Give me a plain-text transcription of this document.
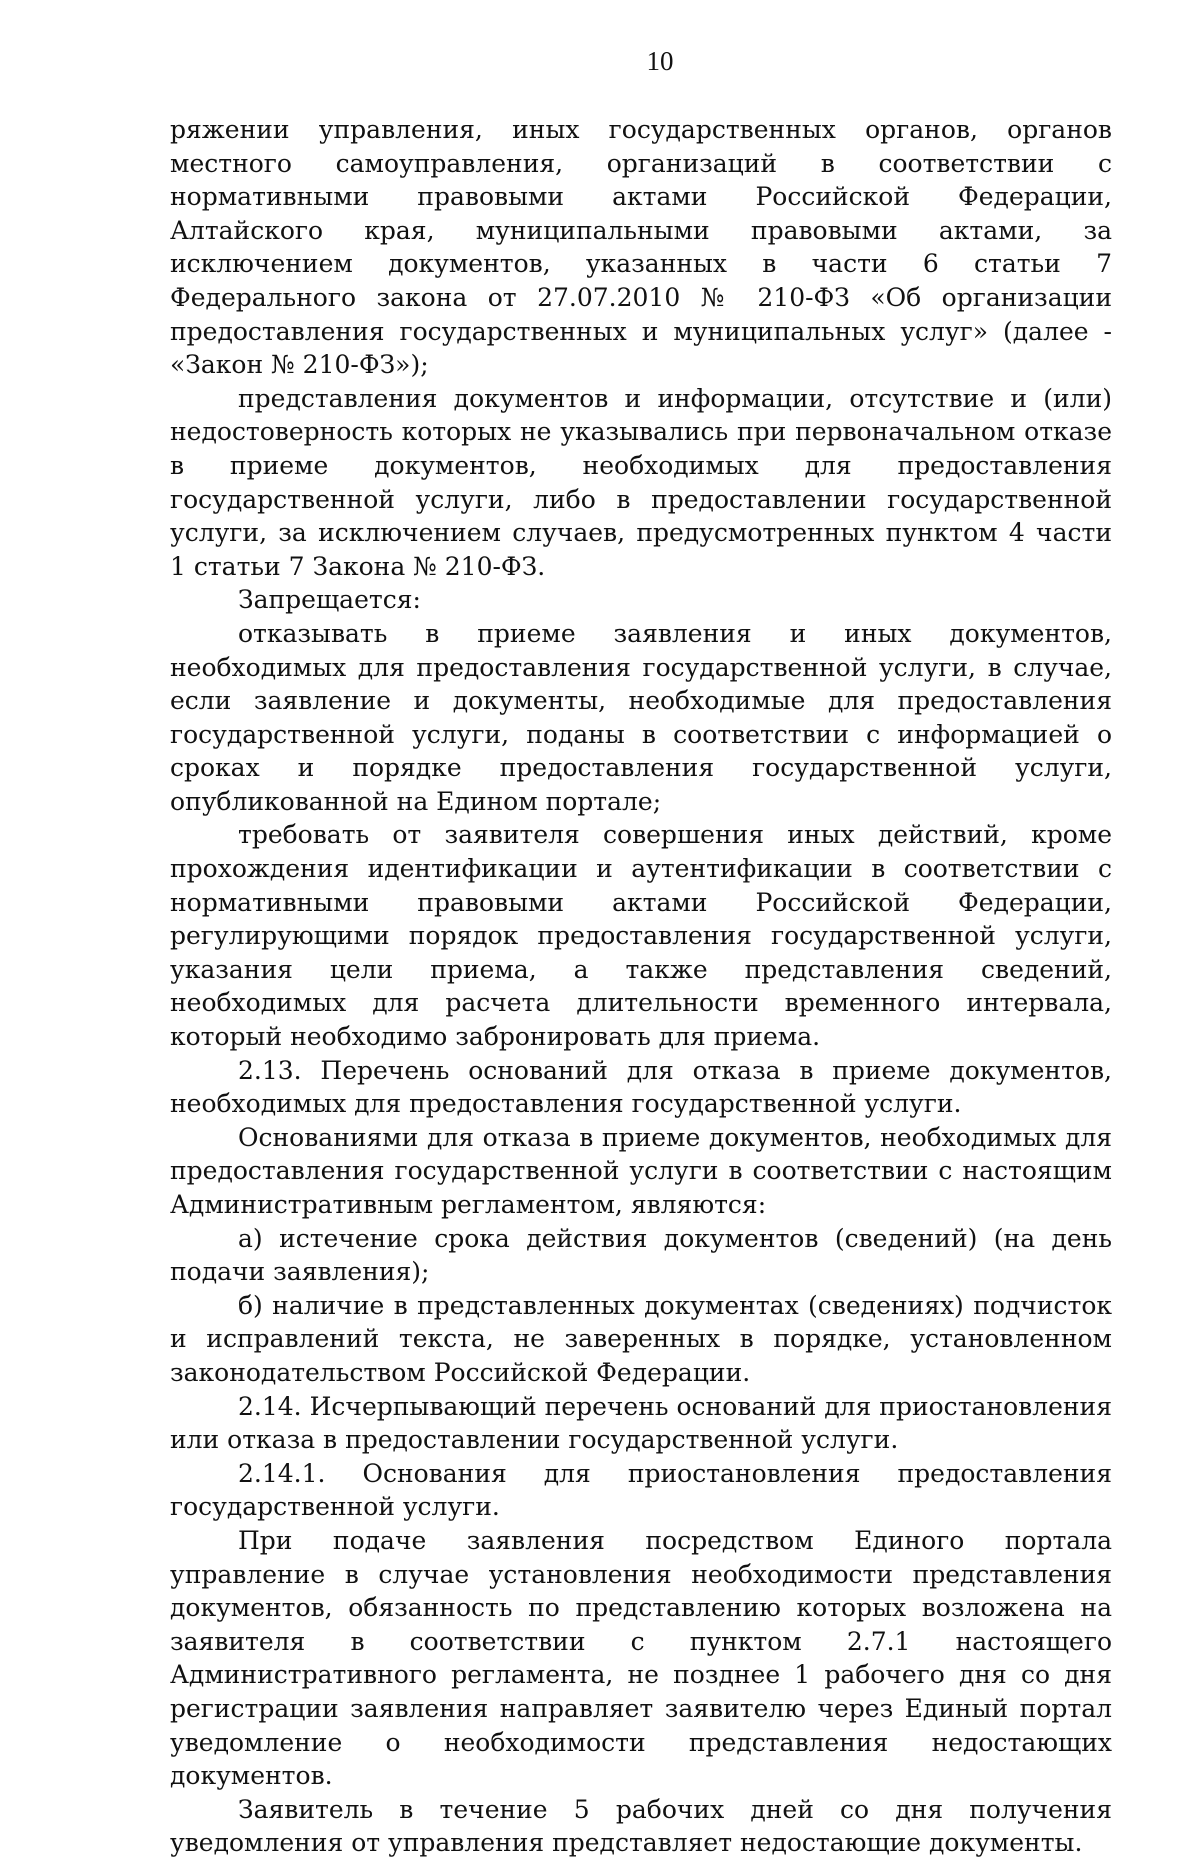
10

ряжении управления, иных государственных органов, органов местного самоуправления, организаций в соответствии с нормативными правовыми актами Российской Федерации, Алтайского края, муниципальными правовыми актами, за исключением документов, указанных в части 6 статьи 7 Федерального закона от 27.07.2010 № 210-ФЗ «Об организации предоставления государственных и муниципальных услуг» (далее - «Закон № 210-ФЗ»);

представления документов и информации, отсутствие и (или) недостоверность которых не указывались при первоначальном отказе в приеме документов, необходимых для предоставления государственной услуги, либо в предоставлении государственной услуги, за исключением случаев, предусмотренных пунктом 4 части 1 статьи 7 Закона № 210-ФЗ.

Запрещается:

отказывать в приеме заявления и иных документов, необходимых для предоставления государственной услуги, в случае, если заявление и документы, необходимые для предоставления государственной услуги, поданы в соответствии с информацией о сроках и порядке предоставления государственной услуги, опубликованной на Едином портале;

требовать от заявителя совершения иных действий, кроме прохождения идентификации и аутентификации в соответствии с нормативными правовыми актами Российской Федерации, регулирующими порядок предоставления государственной услуги, указания цели приема, а также представления сведений, необходимых для расчета длительности временного интервала, который необходимо забронировать для приема.

2.13. Перечень оснований для отказа в приеме документов, необходимых для предоставления государственной услуги.

Основаниями для отказа в приеме документов, необходимых для предоставления государственной услуги в соответствии с настоящим Административным регламентом, являются:

а) истечение срока действия документов (сведений) (на день подачи заявления);

б) наличие в представленных документах (сведениях) подчисток и исправлений текста, не заверенных в порядке, установленном законодательством Российской Федерации.

2.14. Исчерпывающий перечень оснований для приостановления или отказа в предоставлении государственной услуги.

2.14.1. Основания для приостановления предоставления государственной услуги.

При подаче заявления посредством Единого портала управление в случае установления необходимости представления документов, обязанность по представлению которых возложена на заявителя в соответствии с пунктом 2.7.1 настоящего Административного регламента, не позднее 1 рабочего дня со дня регистрации заявления направляет заявителю через Единый портал уведомление о необходимости представления недостающих документов.

Заявитель в течение 5 рабочих дней со дня получения уведомления от управления представляет недостающие документы.
